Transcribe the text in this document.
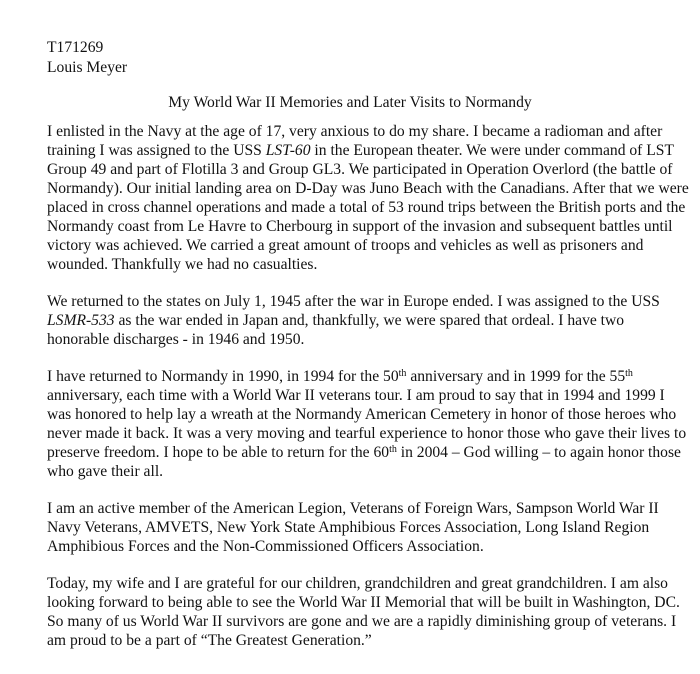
T171269
Louis Meyer
My World War II Memories and Later Visits to Normandy

I enlisted in the Navy at the age of 17, very anxious to do my share. I became a radioman and after training I was assigned to the USS LST-60 in the European theater. We were under command of LST Group 49 and part of Flotilla 3 and Group GL3. We participated in Operation Overlord (the battle of Normandy). Our initial landing area on D-Day was Juno Beach with the Canadians. After that we were placed in cross channel operations and made a total of 53 round trips between the British ports and the Normandy coast from Le Havre to Cherbourg in support of the invasion and subsequent battles until victory was achieved. We carried a great amount of troops and vehicles as well as prisoners and wounded. Thankfully we had no casualties.

We returned to the states on July 1, 1945 after the war in Europe ended. I was assigned to the USS LSMR-533 as the war ended in Japan and, thankfully, we were spared that ordeal. I have two honorable discharges - in 1946 and 1950.

I have returned to Normandy in 1990, in 1994 for the 50th anniversary and in 1999 for the 55th anniversary, each time with a World War II veterans tour. I am proud to say that in 1994 and 1999 I was honored to help lay a wreath at the Normandy American Cemetery in honor of those heroes who never made it back. It was a very moving and tearful experience to honor those who gave their lives to preserve freedom. I hope to be able to return for the 60th in 2004 – God willing – to again honor those who gave their all.

I am an active member of the American Legion, Veterans of Foreign Wars, Sampson World War II Navy Veterans, AMVETS, New York State Amphibious Forces Association, Long Island Region Amphibious Forces and the Non-Commissioned Officers Association.

Today, my wife and I are grateful for our children, grandchildren and great grandchildren. I am also looking forward to being able to see the World War II Memorial that will be built in Washington, DC. So many of us World War II survivors are gone and we are a rapidly diminishing group of veterans. I am proud to be a part of “The Greatest Generation.”
